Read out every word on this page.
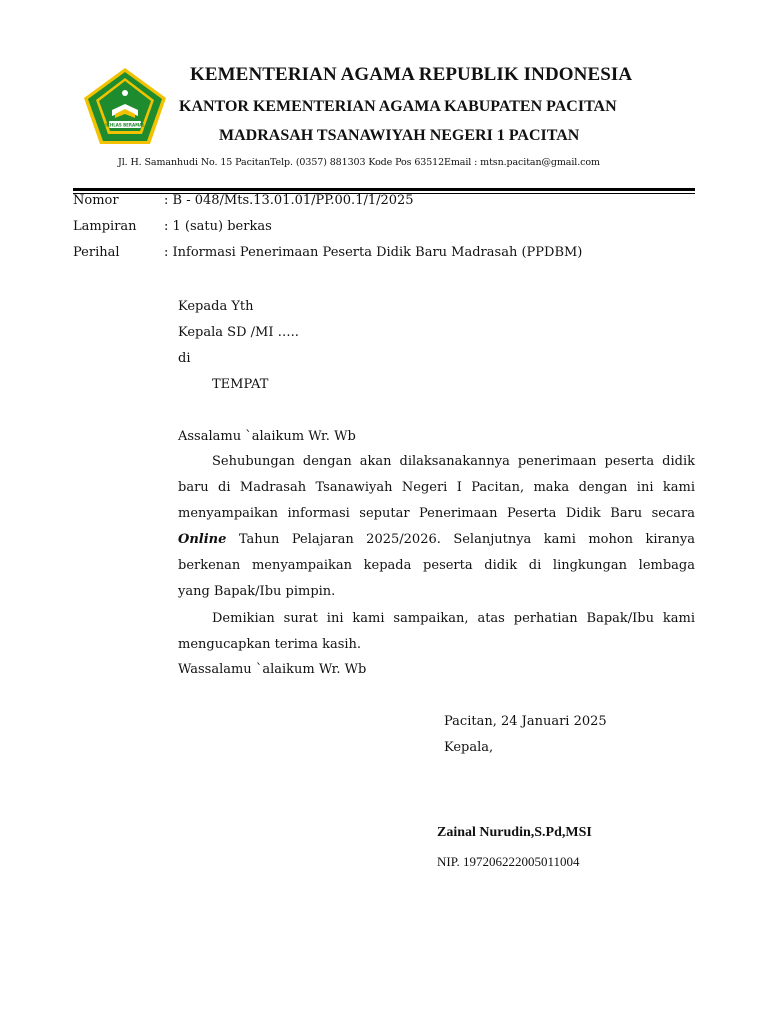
IKHLAS BERAMAL
KEMENTERIAN AGAMA REPUBLIK INDONESIA
KANTOR KEMENTERIAN AGAMA KABUPATEN PACITAN
MADRASAH TSANAWIYAH NEGERI 1 PACITAN
Jl. H. Samanhudi No. 15 PacitanTelp. (0357) 881303 Kode Pos 63512Email : mtsn.pacitan@gmail.com
Nomor	: B - 048/Mts.13.01.01/PP.00.1/1/2025
Lampiran : 1 (satu) berkas
Perihal	: Informasi Penerimaan Peserta Didik Baru Madrasah (PPDBM)
Kepada Yth
Kepala SD /MI …..
di
TEMPAT
Assalamu `alaikum Wr. Wb
Sehubungan dengan akan dilaksanakannya penerimaan peserta didik
baru di Madrasah Tsanawiyah Negeri I Pacitan, maka dengan ini kami
menyampaikan informasi seputar Penerimaan Peserta Didik Baru secara
Online Tahun Pelajaran 2025/2026. Selanjutnya kami mohon kiranya
berkenan menyampaikan kepada peserta didik di lingkungan lembaga
yang Bapak/Ibu pimpin.
Demikian surat ini kami sampaikan, atas perhatian Bapak/Ibu kami
mengucapkan terima kasih.
Wassalamu `alaikum Wr. Wb
Pacitan, 24 Januari 2025
Kepala,
Zainal Nurudin,S.Pd,MSI
NIP. 197206222005011004
